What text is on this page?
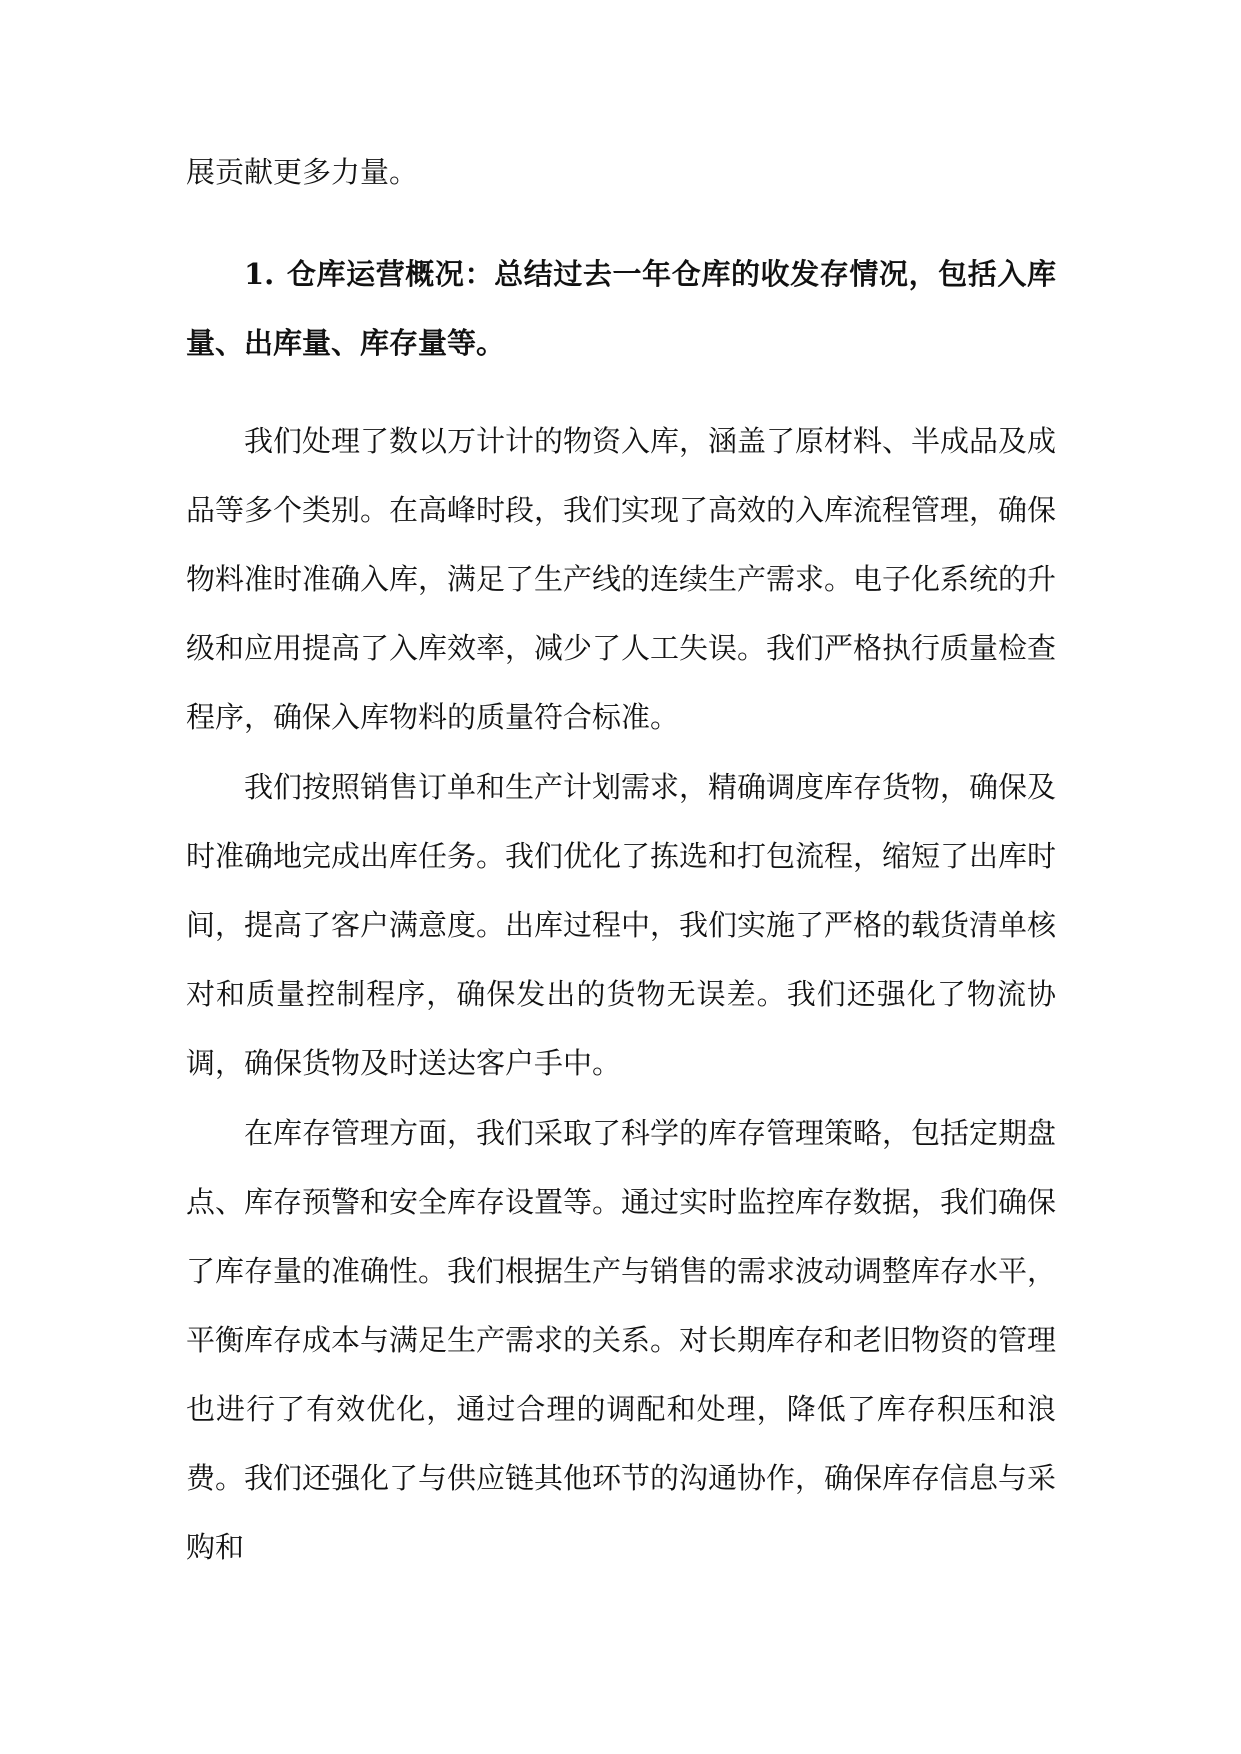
展贡献更多力量。
1. 仓库运营概况：总结过去一年仓库的收发存情况，包括入库量、出库量、库存量等。
我们处理了数以万计计的物资入库，涵盖了原材料、半成品及成品等多个类别。在高峰时段，我们实现了高效的入库流程管理，确保物料准时准确入库，满足了生产线的连续生产需求。电子化系统的升级和应用提高了入库效率，减少了人工失误。我们严格执行质量检查程序，确保入库物料的质量符合标准。
我们按照销售订单和生产计划需求，精确调度库存货物，确保及时准确地完成出库任务。我们优化了拣选和打包流程，缩短了出库时间，提高了客户满意度。出库过程中，我们实施了严格的载货清单核对和质量控制程序，确保发出的货物无误差。我们还强化了物流协调，确保货物及时送达客户手中。
在库存管理方面，我们采取了科学的库存管理策略，包括定期盘点、库存预警和安全库存设置等。通过实时监控库存数据，我们确保了库存量的准确性。我们根据生产与销售的需求波动调整库存水平，平衡库存成本与满足生产需求的关系。对长期库存和老旧物资的管理也进行了有效优化，通过合理的调配和处理，降低了库存积压和浪费。我们还强化了与供应链其他环节的沟通协作，确保库存信息与采购和
